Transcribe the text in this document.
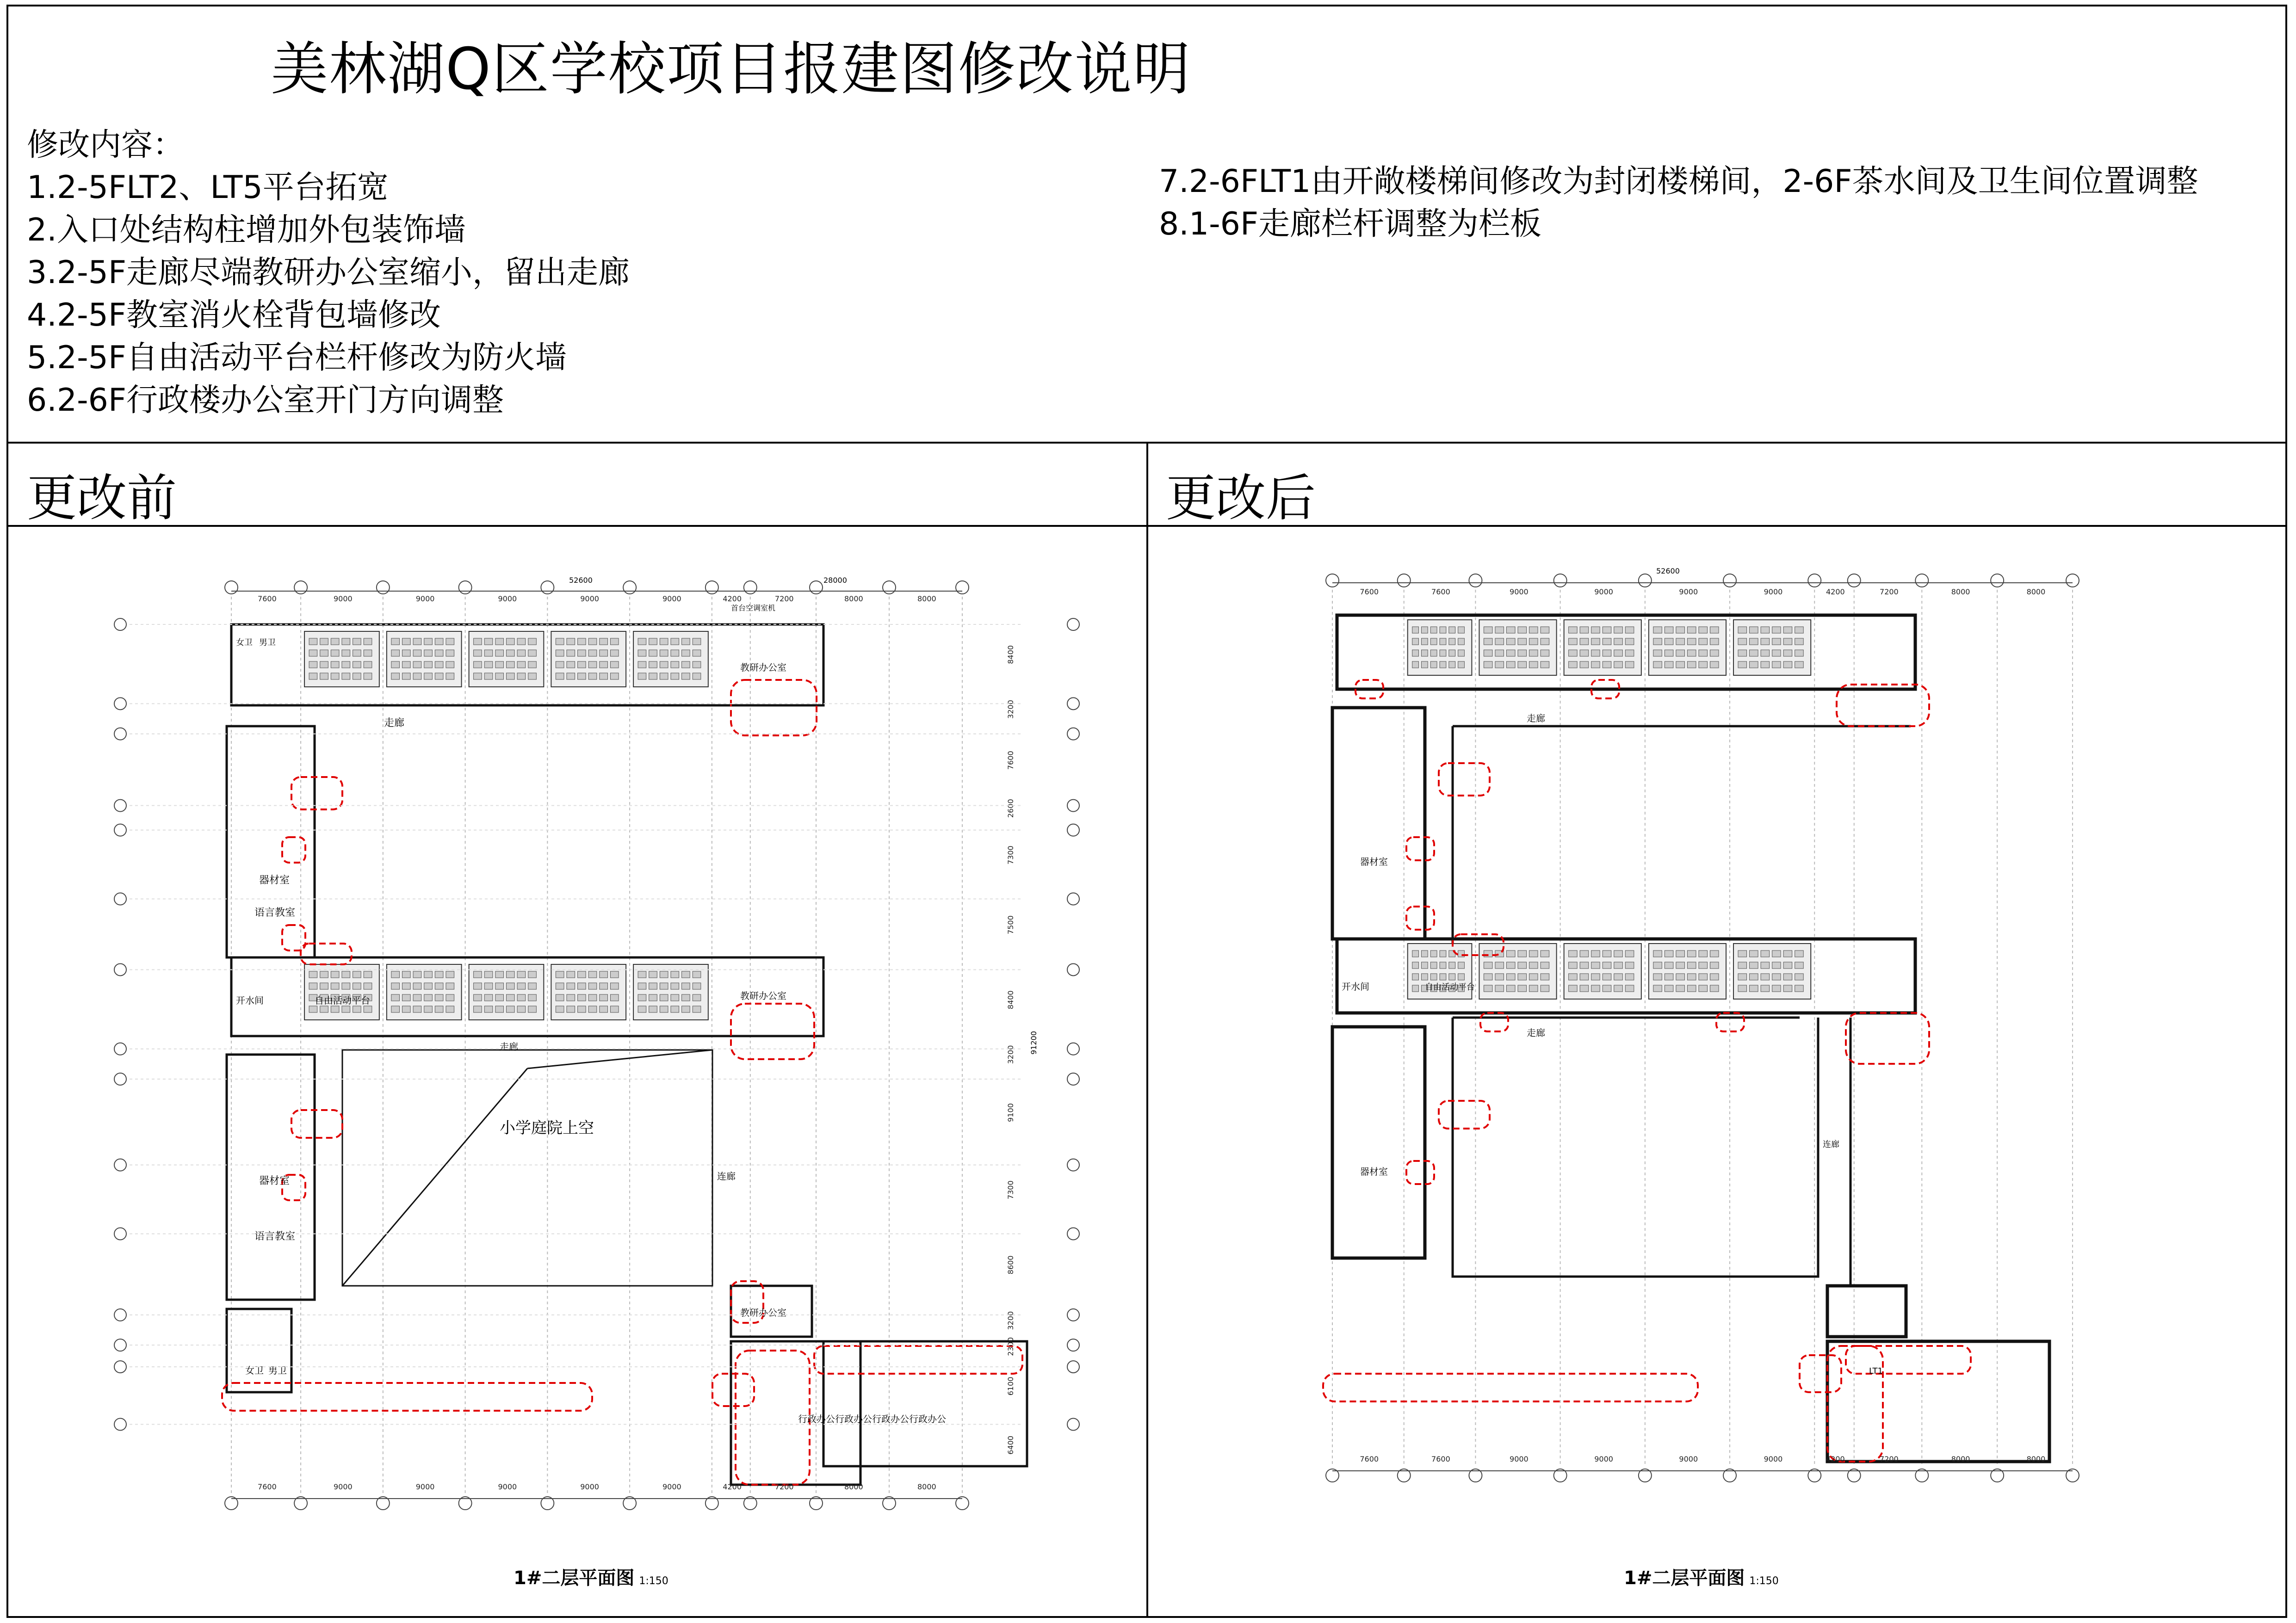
美林湖Q区学校项目报建图修改说明
修改内容：
1.2-5FLT2、LT5平台拓宽
2.入口处结构柱增加外包装饰墙
3.2-5F走廊尽端教研办公室缩小，留出走廊
4.2-5F教室消火栓背包墙修改
5.2-5F自由活动平台栏杆修改为防火墙
6.2-6F行政楼办公室开门方向调整
7.2-6FLT1由开敞楼梯间修改为封闭楼梯间，2-6F茶水间及卫生间位置调整
8.1-6F走廊栏杆调整为栏板
更改前	更改后
走廊
器材室
语言教室
开水间	自由活动平台
走廊
小学庭院上空
器材室
语言教室
连廊
教研办公室
教研办公室
教研办公室
行政办公行政办公行政办公行政办公
女卫 男卫
女卫 男卫
首台空调室机
7600
7600
9000
9000
9000
9000
9000
9000
9000
9000
9000
9000
4200
4200
7200
7200
8000
8000
8000
8000
52600	28000
91200
8400
3200
7600
2600
7300
7500
8400
3200
9100
7300
8600
3200
2300
6100
6400
1#二层平面图 1:150
走廊
开水间	自由活动平台
走廊
连廊
器材室
器材室
LT1
52600
7600
7600
7600
7600
9000
9000
9000
9000
9000
9000
9000
9000
4200
4200
7200
7200
8000
8000
8000
8000
1#二层平面图 1:150
